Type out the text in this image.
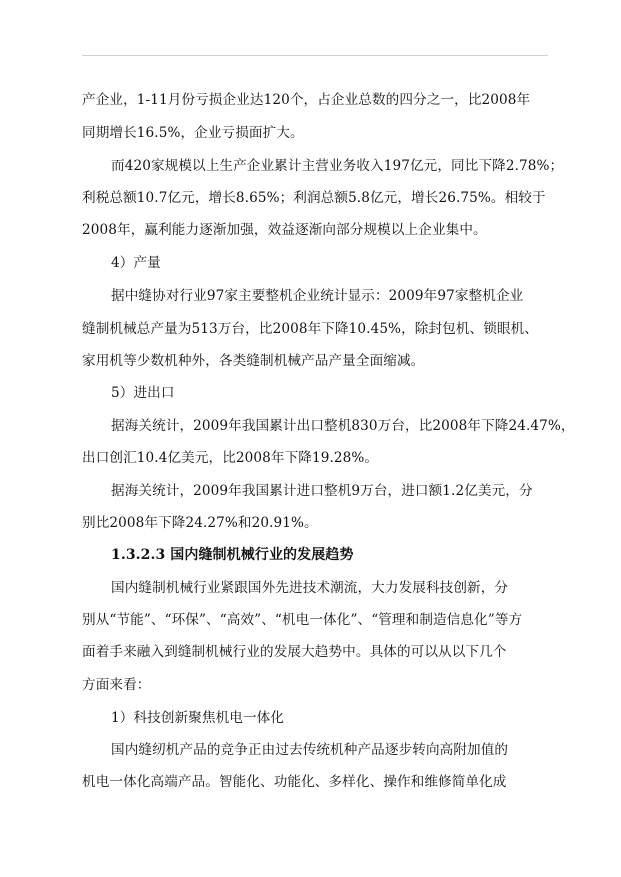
产企业，1-11月份亏损企业达120个，占企业总数的四分之一，比2008年
同期增长16.5%，企业亏损面扩大。
而420家规模以上生产企业累计主营业务收入197亿元，同比下降2.78%；
利税总额10.7亿元，增长8.65%；利润总额5.8亿元，增长26.75%。相较于
2008年，赢利能力逐渐加强，效益逐渐向部分规模以上企业集中。
4）产量
据中缝协对行业97家主要整机企业统计显示：2009年97家整机企业
缝制机械总产量为513万台，比2008年下降10.45%，除封包机、锁眼机、
家用机等少数机种外，各类缝制机械产品产量全面缩减。
5）进出口
据海关统计，2009年我国累计出口整机830万台，比2008年下降24.47%，
出口创汇10.4亿美元，比2008年下降19.28%。
据海关统计，2009年我国累计进口整机9万台，进口额1.2亿美元，分
别比2008年下降24.27%和20.91%。
1.3.2.3 国内缝制机械行业的发展趋势
国内缝制机械行业紧跟国外先进技术潮流，大力发展科技创新，分
别从“节能”、“环保”、“高效”、“机电一体化”、“管理和制造信息化”等方
面着手来融入到缝制机械行业的发展大趋势中。具体的可以从以下几个
方面来看：
1）科技创新聚焦机电一体化
国内缝纫机产品的竞争正由过去传统机种产品逐步转向高附加值的
机电一体化高端产品。智能化、功能化、多样化、操作和维修简单化成
